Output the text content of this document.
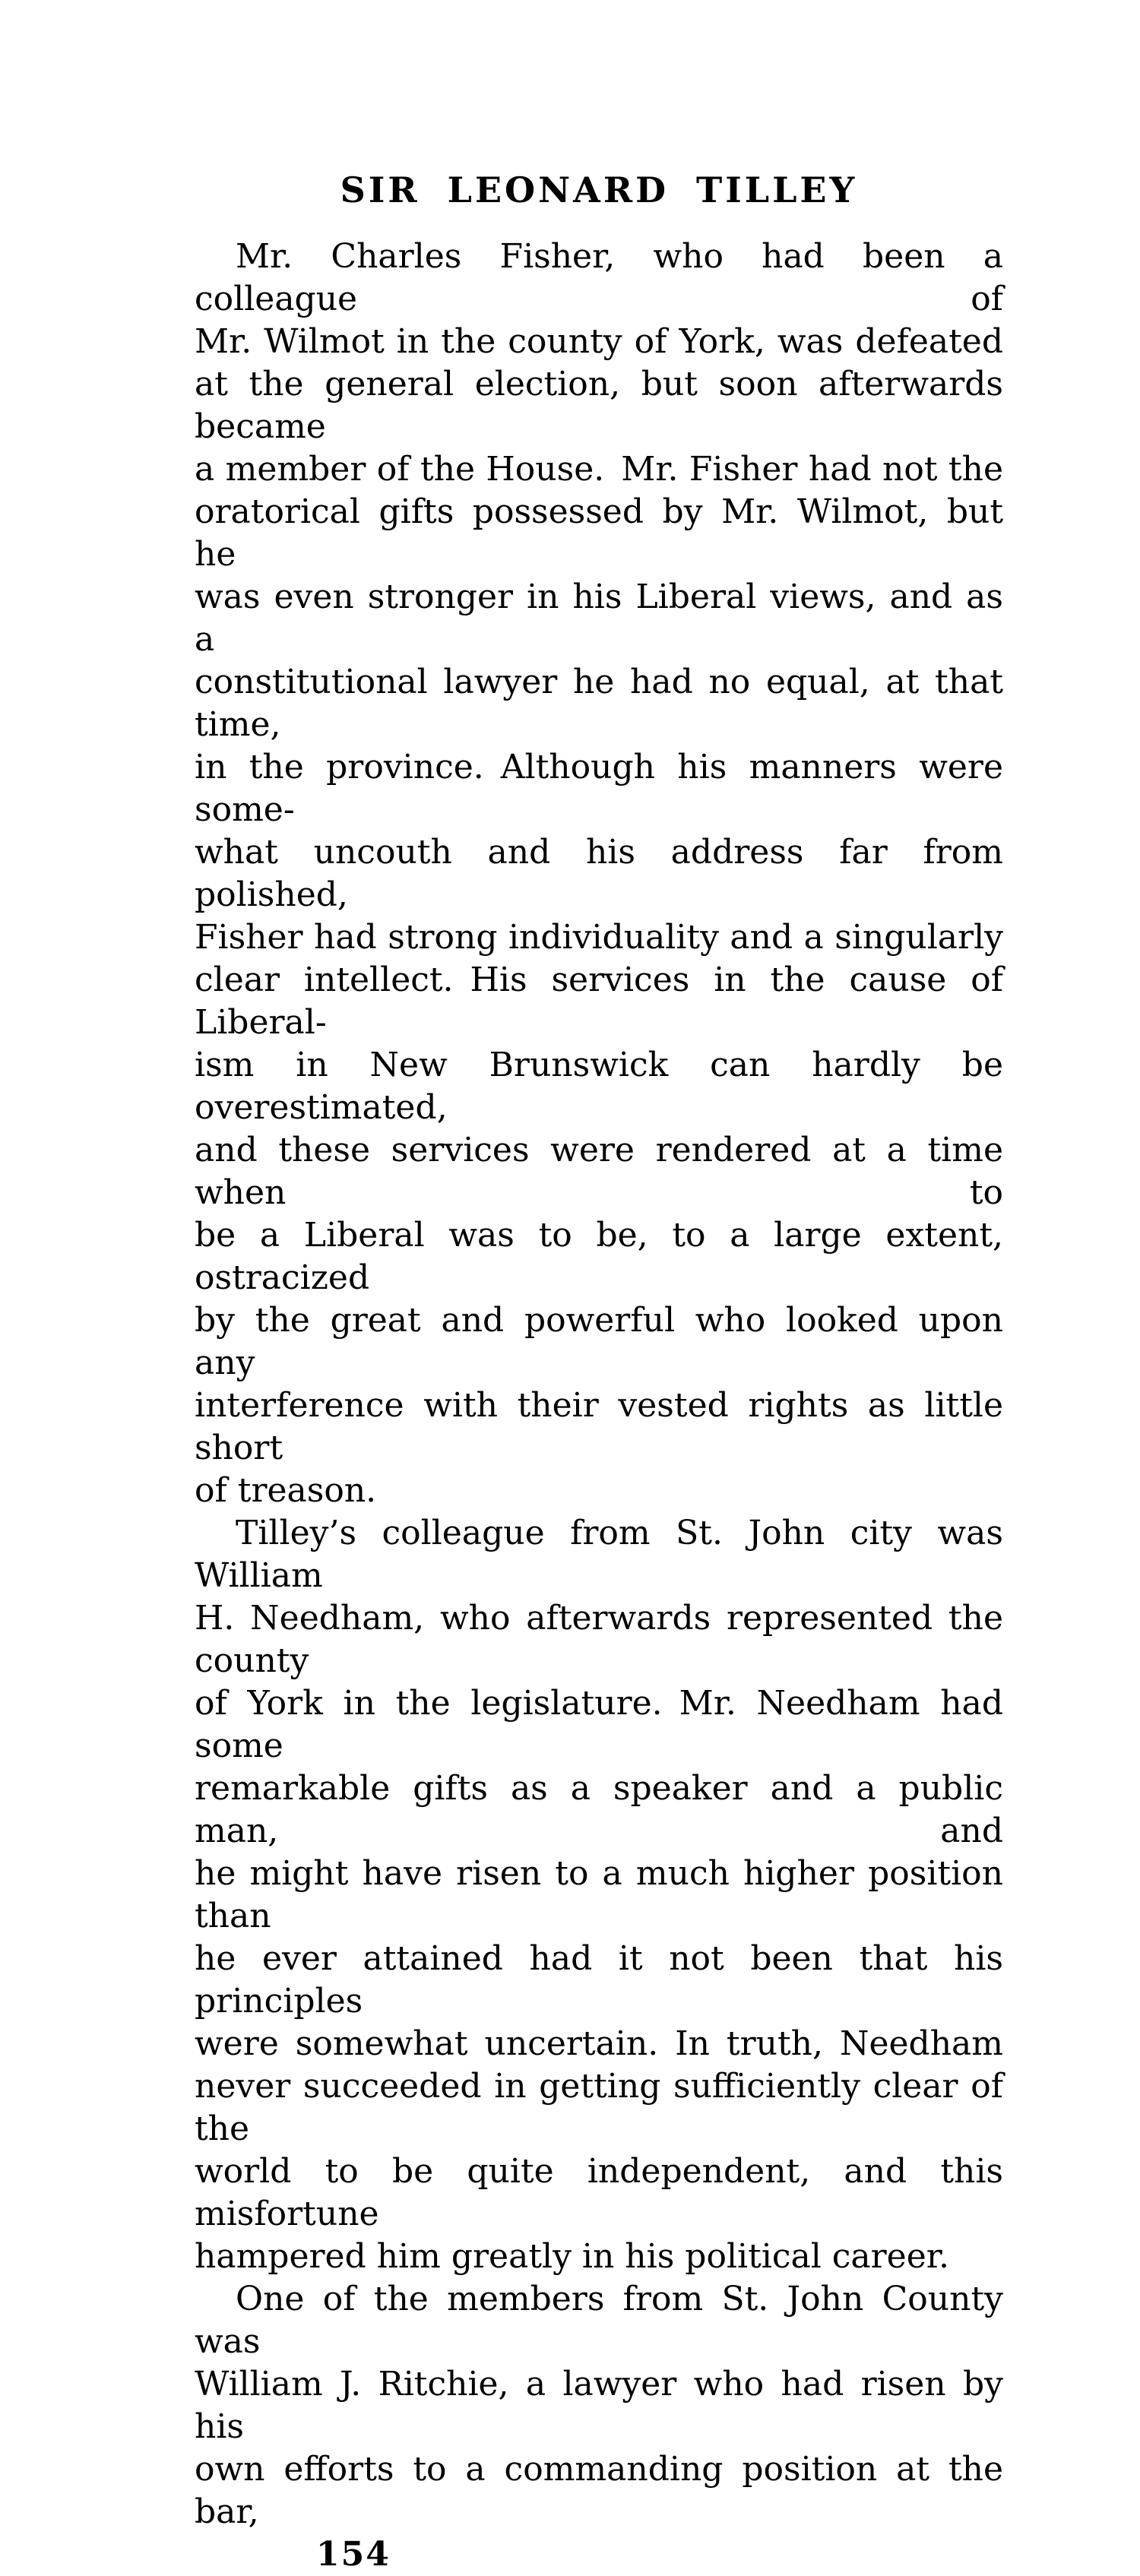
SIR LEONARD TILLEY
Mr. Charles Fisher, who had been a colleague of
Mr. Wilmot in the county of York, was defeated
at the general election, but soon afterwards became
a member of the House. Mr. Fisher had not the
oratorical gifts possessed by Mr. Wilmot, but he
was even stronger in his Liberal views, and as a
constitutional lawyer he had no equal, at that time,
in the province. Although his manners were some-
what uncouth and his address far from polished,
Fisher had strong individuality and a singularly
clear intellect. His services in the cause of Liberal-
ism in New Brunswick can hardly be overestimated,
and these services were rendered at a time when to
be a Liberal was to be, to a large extent, ostracized
by the great and powerful who looked upon any
interference with their vested rights as little short
of treason.
Tilley’s colleague from St. John city was William
H. Needham, who afterwards represented the county
of York in the legislature. Mr. Needham had some
remarkable gifts as a speaker and a public man, and
he might have risen to a much higher position than
he ever attained had it not been that his principles
were somewhat uncertain. In truth, Needham
never succeeded in getting sufficiently clear of the
world to be quite independent, and this misfortune
hampered him greatly in his political career.
One of the members from St. John County was
William J. Ritchie, a lawyer who had risen by his
own efforts to a commanding position at the bar,
154
